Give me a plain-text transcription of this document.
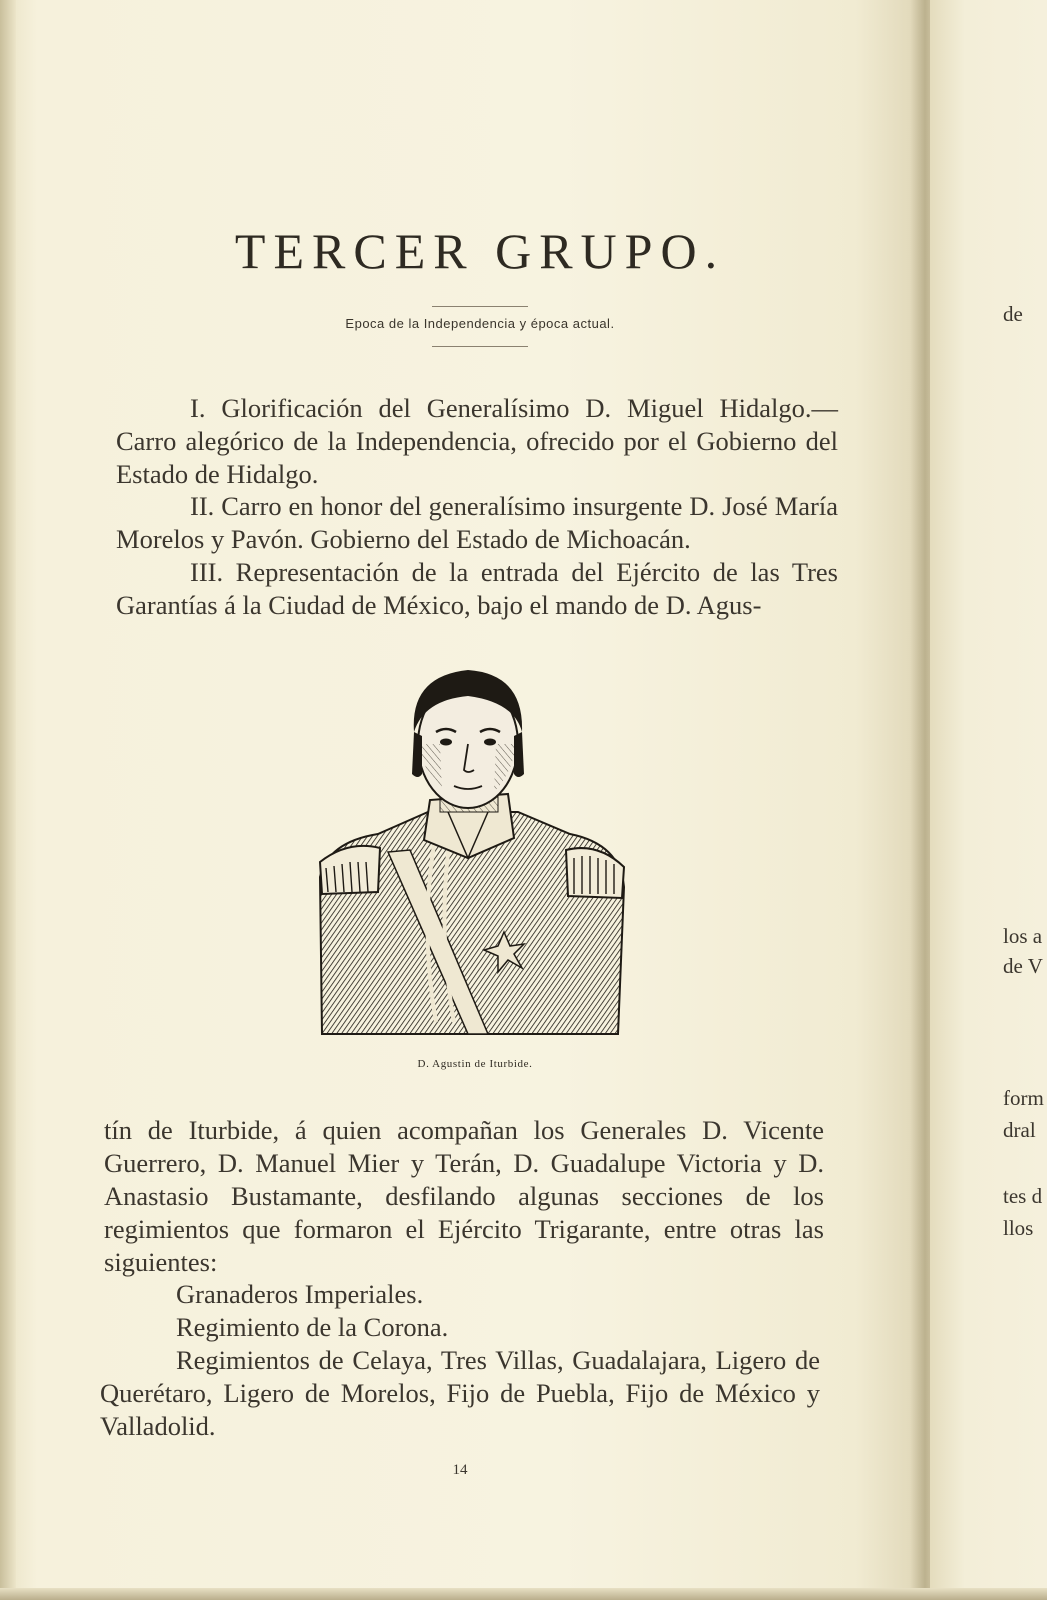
TERCER GRUPO.
Epoca de la Independencia y época actual.

I. Glorificación del Generalísimo D. Miguel Hidalgo.—Carro alegórico de la Independencia, ofrecido por el Gobierno del Estado de Hidalgo.

II. Carro en honor del generalísimo insurgente D. José María Morelos y Pavón. Gobierno del Estado de Michoacán.

III. Representación de la entrada del Ejército de las Tres Garantías á la Ciudad de México, bajo el mando de D. Agus-

D. Agustin de Iturbide.

tín de Iturbide, á quien acompañan los Generales D. Vicente Guerrero, D. Manuel Mier y Terán, D. Guadalupe Victoria y D. Anastasio Bustamante, desfilando algunas secciones de los regimientos que formaron el Ejército Trigarante, entre otras las siguientes:

Granaderos Imperiales.

Regimiento de la Corona.

Regimientos de Celaya, Tres Villas, Guadalajara, Ligero de Querétaro, Ligero de Morelos, Fijo de Puebla, Fijo de México y Valladolid.

14
de
los a
de V
form
dral
tes d
llos
